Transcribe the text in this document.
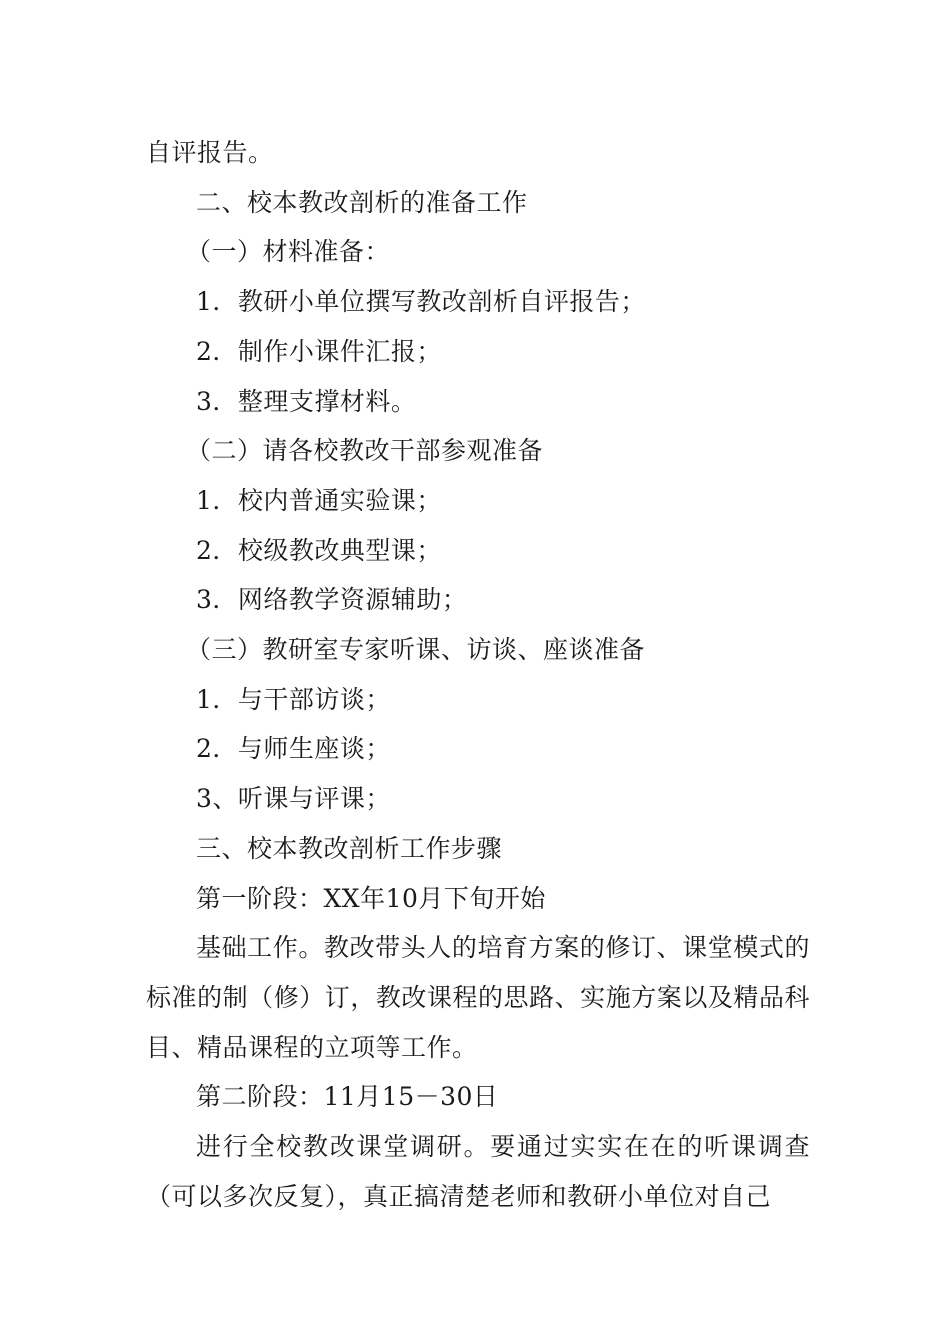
自评报告。

二、校本教改剖析的准备工作

（一）材料准备：

1．教研小单位撰写教改剖析自评报告；

2．制作小课件汇报；

3．整理支撑材料。

（二）请各校教改干部参观准备

1．校内普通实验课；

2．校级教改典型课；

3．网络教学资源辅助；

（三）教研室专家听课、访谈、座谈准备

1．与干部访谈；

2．与师生座谈；

3、听课与评课；

三、校本教改剖析工作步骤

第一阶段：XX年10月下旬开始

基础工作。教改带头人的培育方案的修订、课堂模式的标准的制（修）订，教改课程的思路、实施方案以及精品科目、精品课程的立项等工作。

第二阶段：11月15－30日

进行全校教改课堂调研。要通过实实在在的听课调查（可以多次反复），真正搞清楚老师和教研小单位对自己
